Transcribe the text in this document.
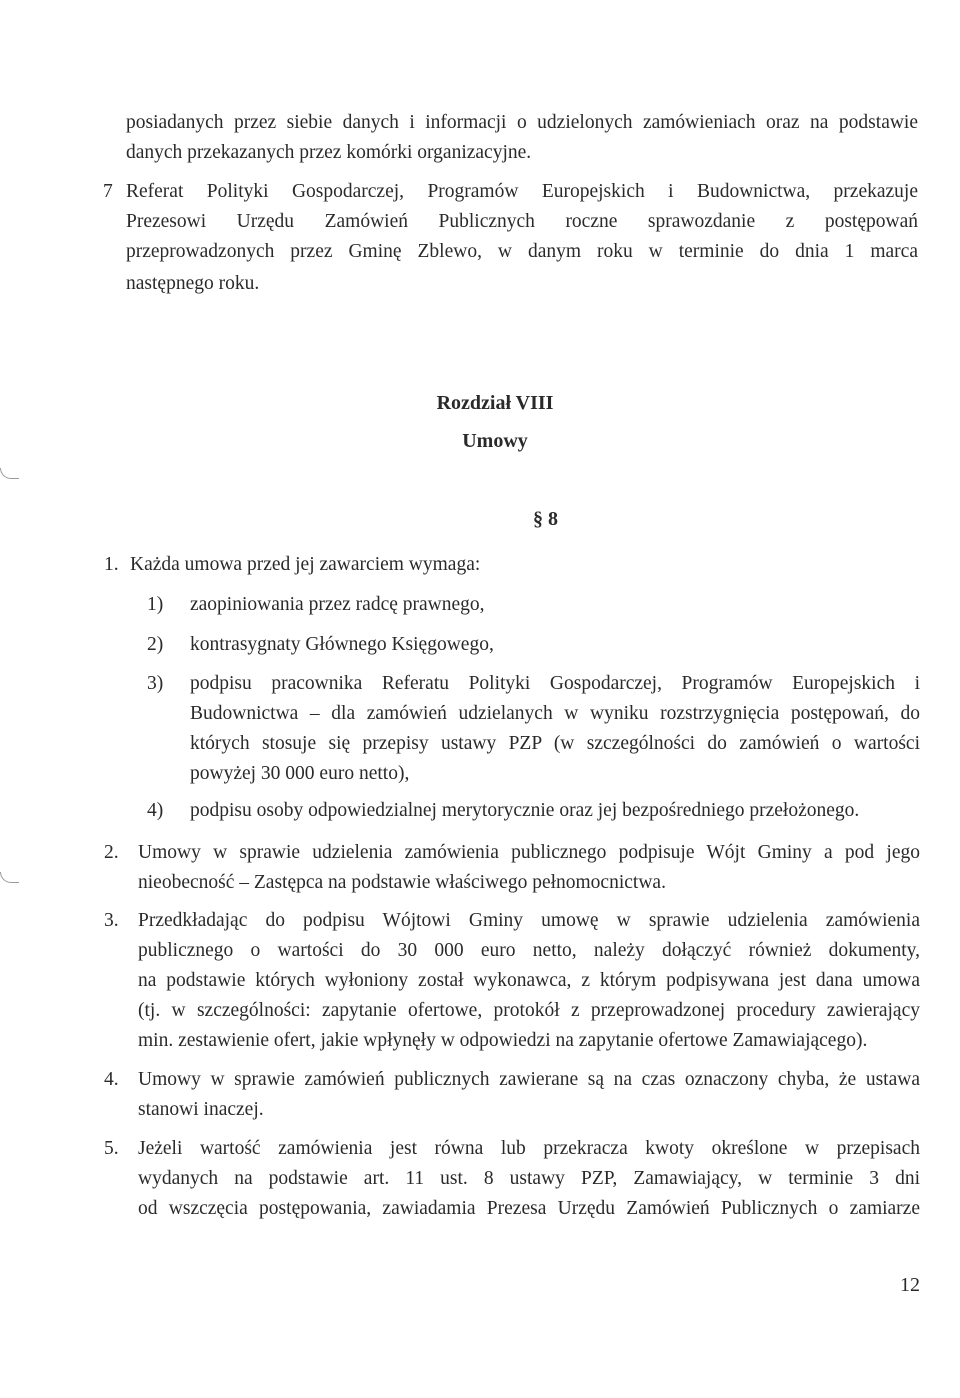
posiadanych przez siebie danych i informacji o udzielonych zamówieniach oraz na podstawie
danych przekazanych przez komórki organizacyjne.
7 Referat Polityki Gospodarczej, Programów Europejskich i Budownictwa, przekazuje
Prezesowi Urzędu Zamówień Publicznych roczne sprawozdanie z postępowań
przeprowadzonych przez Gminę Zblewo, w danym roku w terminie do dnia 1 marca
następnego roku.
Rozdział VIII
Umowy
§ 8
1. Każda umowa przed jej zawarciem wymaga:
1) zaopiniowania przez radcę prawnego,
2) kontrasygnaty Głównego Księgowego,
3) podpisu pracownika Referatu Polityki Gospodarczej, Programów Europejskich i
Budownictwa – dla zamówień udzielanych w wyniku rozstrzygnięcia postępowań, do
których stosuje się przepisy ustawy PZP (w szczególności do zamówień o wartości
powyżej 30 000 euro netto),
4) podpisu osoby odpowiedzialnej merytorycznie oraz jej bezpośredniego przełożonego.
2. Umowy w sprawie udzielenia zamówienia publicznego podpisuje Wójt Gminy a pod jego
nieobecność – Zastępca na podstawie właściwego pełnomocnictwa.
3. Przedkładając do podpisu Wójtowi Gminy umowę w sprawie udzielenia zamówienia
publicznego o wartości do 30 000 euro netto, należy dołączyć również dokumenty,
na podstawie których wyłoniony został wykonawca, z którym podpisywana jest dana umowa
(tj. w szczególności: zapytanie ofertowe, protokół z przeprowadzonej procedury zawierający
min. zestawienie ofert, jakie wpłynęły w odpowiedzi na zapytanie ofertowe Zamawiającego).
4. Umowy w sprawie zamówień publicznych zawierane są na czas oznaczony chyba, że ustawa
stanowi inaczej.
5. Jeżeli wartość zamówienia jest równa lub przekracza kwoty określone w przepisach
wydanych na podstawie art. 11 ust. 8 ustawy PZP, Zamawiający, w terminie 3 dni
od wszczęcia postępowania, zawiadamia Prezesa Urzędu Zamówień Publicznych o zamiarze
12
